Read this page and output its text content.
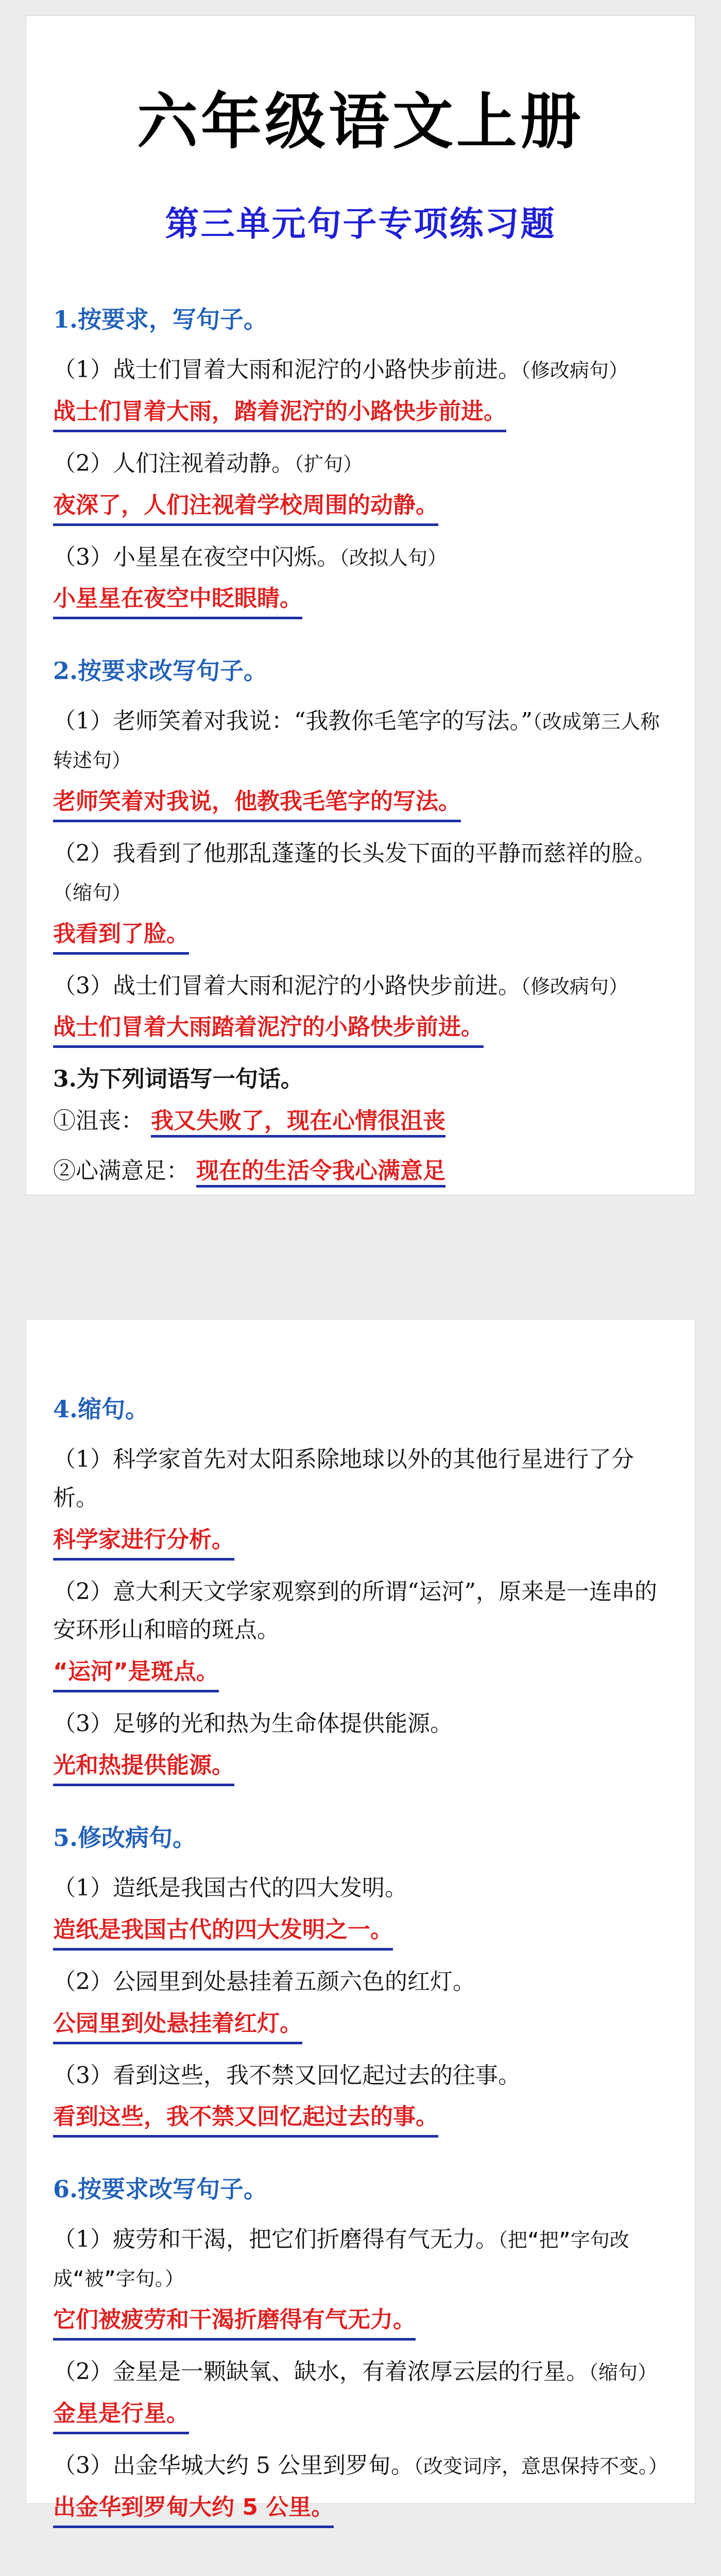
六年级语文上册
第三单元句子专项练习题
1.按要求，写句子。
（1）战士们冒着大雨和泥泞的小路快步前进。（修改病句）
战士们冒着大雨，踏着泥泞的小路快步前进。
（2）人们注视着动静。（扩句）
夜深了，人们注视着学校周围的动静。
（3）小星星在夜空中闪烁。（改拟人句）
小星星在夜空中眨眼睛。
2.按要求改写句子。
（1）老师笑着对我说：“我教你毛笔字的写法。”（改成第三人称转述句）
老师笑着对我说，他教我毛笔字的写法。
（2）我看到了他那乱蓬蓬的长头发下面的平静而慈祥的脸。（缩句）
我看到了脸。
（3）战士们冒着大雨和泥泞的小路快步前进。（修改病句）
战士们冒着大雨踏着泥泞的小路快步前进。
3.为下列词语写一句话。
①沮丧： 我又失败了，现在心情很沮丧
②心满意足： 现在的生活令我心满意足
4.缩句。
（1）科学家首先对太阳系除地球以外的其他行星进行了分析。
科学家进行分析。
（2）意大利天文学家观察到的所谓“运河”，原来是一连串的安环形山和暗的斑点。
“运河”是斑点。
（3）足够的光和热为生命体提供能源。
光和热提供能源。
5.修改病句。
（1）造纸是我国古代的四大发明。
造纸是我国古代的四大发明之一。
（2）公园里到处悬挂着五颜六色的红灯。
公园里到处悬挂着红灯。
（3）看到这些，我不禁又回忆起过去的往事。
看到这些，我不禁又回忆起过去的事。
6.按要求改写句子。
（1）疲劳和干渴，把它们折磨得有气无力。（把“把”字句改成“被”字句。）
它们被疲劳和干渴折磨得有气无力。
（2）金星是一颗缺氧、缺水，有着浓厚云层的行星。（缩句）
金星是行星。
（3）出金华城大约 5 公里到罗甸。（改变词序，意思保持不变。）
出金华到罗甸大约 5 公里。
